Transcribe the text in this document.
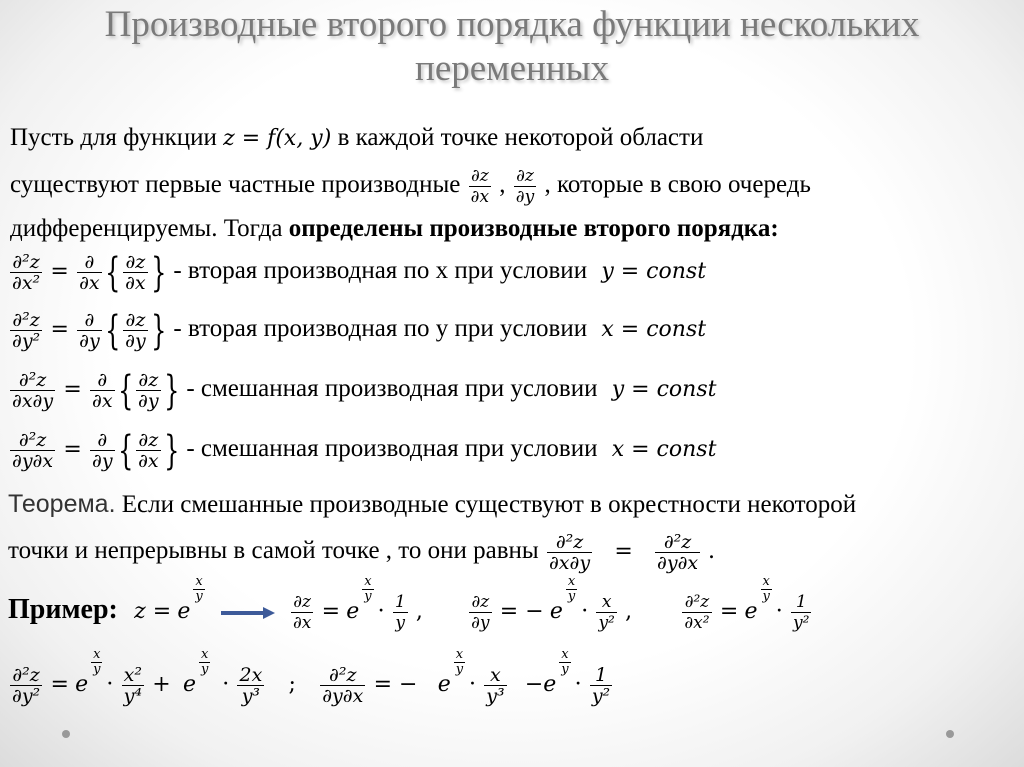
Производные второго порядка функции нескольких
переменных
Пусть для функции z = f(x, y) в каждой точке некоторой области
существуют первые частные производные $\frac{\partial z}{\partial x}$ , $\frac{\partial z}{\partial y}$ , которые в свою очередь
дифференцируемы. Тогда определены производные второго порядка:
$\frac{\text{∂²z}}{\text{∂x²}} = \frac{\partial}{\partial x}$ { $\frac{\partial z}{\partial x}$ } - вторая производная по x при условии y = const
$\frac{\text{∂²z}}{\text{∂y²}} = \frac{\partial}{\partial y}$ { $\frac{\partial z}{\partial y}$ } - вторая производная по y при условии x = const
$\frac{\text{∂²z}}{\partial x\partial y} = \frac{\partial}{\partial x}$ { $\frac{\partial z}{\partial y}$ } - смешанная производная при условии y = const
$\frac{\text{∂²z}}{\partial y\partial x} = \frac{\partial}{\partial y}$ { $\frac{\partial z}{\partial x}$ } - смешанная производная при условии x = const
Теорема. Если смешанные производные существуют в окрестности некоторой
точки и непрерывны в самой точке , то они равны $\frac{\text{∂²z}}{\partial x\partial y} = \frac{\text{∂²z}}{\partial y\partial x}$ .
Пример: z = e
$\frac{x}{y}$

$\frac{\partial z}{\partial x} = e$
$\frac{x}{y}$
· $\frac{1}{y}$ ,	$\frac{\partial z}{\partial y}$ = − e
$\frac{x}{y}$
· $\frac{x}{\text{y²}}$ ,	$\frac{\text{∂²z}}{\text{∂x²}} = e$
$\frac{x}{y}$
· $\frac{1}{\text{y²}}$
$\frac{\text{∂²z}}{\text{∂y²}} = e$
$\frac{x}{y}$
· $\frac{\text{x²}}{\text{y⁴}} + e$
$\frac{x}{y}$
· $\frac{2x}{\text{y³}}$ ; $\frac{\text{∂²z}}{\partial y\partial x}$ = − e
$\frac{x}{y}$
· $\frac{x}{\text{y³}} -e$
$\frac{x}{y}$
· $\frac{1}{\text{y²}}$
